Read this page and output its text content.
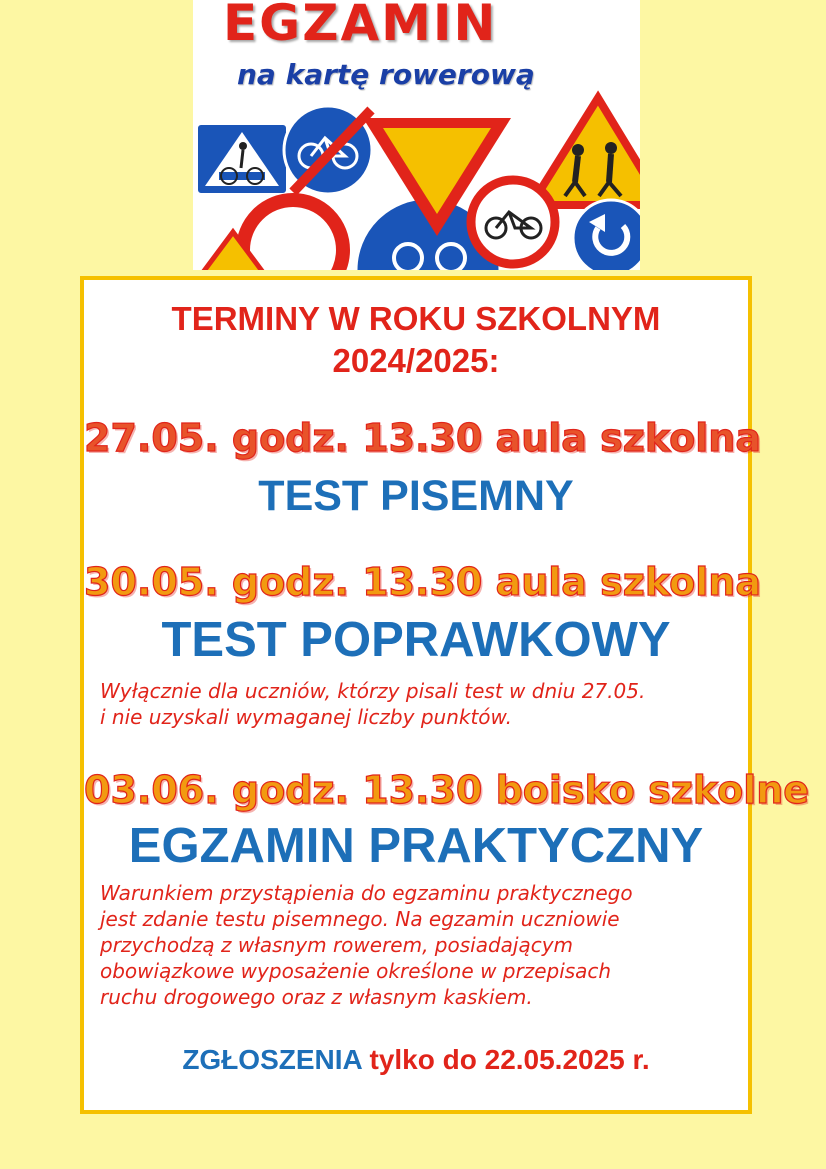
EGZAMIN

na kartę rowerową

TERMINY W ROKU SZKOLNYM
2024/2025:

27.05. godz. 13.30 aula szkolna

TEST PISEMNY

30.05. godz. 13.30 aula szkolna

TEST POPRAWKOWY

Wyłącznie dla uczniów, którzy pisali test w dniu 27.05.
i nie uzyskali wymaganej liczby punktów.

03.06. godz. 13.30 boisko szkolne

EGZAMIN PRAKTYCZNY

Warunkiem przystąpienia do egzaminu praktycznego
jest zdanie testu pisemnego. Na egzamin uczniowie
przychodzą z własnym rowerem, posiadającym
obowiązkowe wyposażenie określone w przepisach
ruchu drogowego oraz z własnym kaskiem.

ZGŁOSZENIA tylko do 22.05.2025 r.
